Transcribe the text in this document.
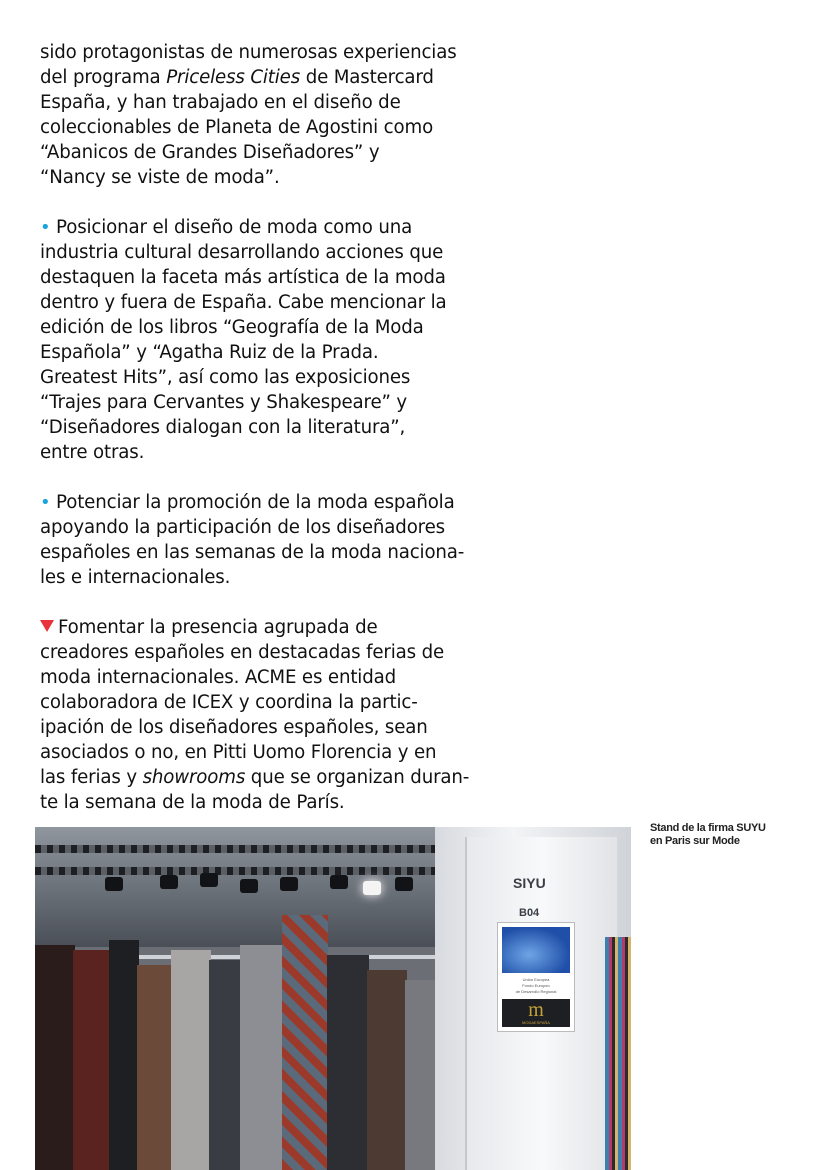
sido protagonistas de numerosas experiencias
del programa Priceless Cities de Mastercard
España, y han trabajado en el diseño de
coleccionables de Planeta de Agostini como
“Abanicos de Grandes Diseñadores” y
“Nancy se viste de moda”.

• Posicionar el diseño de moda como una
industria cultural desarrollando acciones que
destaquen la faceta más artística de la moda
dentro y fuera de España. Cabe mencionar la
edición de los libros “Geografía de la Moda
Española” y “Agatha Ruiz de la Prada.
Greatest Hits”, así como las exposiciones
“Trajes para Cervantes y Shakespeare” y
“Diseñadores dialogan con la literatura”,
entre otras.

• Potenciar la promoción de la moda española
apoyando la participación de los diseñadores
españoles en las semanas de la moda naciona-
les e internacionales.

Fomentar la presencia agrupada de
creadores españoles en destacadas ferias de
moda internacionales. ACME es entidad
colaboradora de ICEX y coordina la partic-
ipación de los diseñadores españoles, sean
asociados o no, en Pitti Uomo Florencia y en
las ferias y showrooms que se organizan duran-
te la semana de la moda de París.

Stand de la firma SUYU
en Paris sur Mode
SIYU
B04
Unión Europea
Fondo Europeo
de Desarrollo Regional
m
MODAESPAÑA
